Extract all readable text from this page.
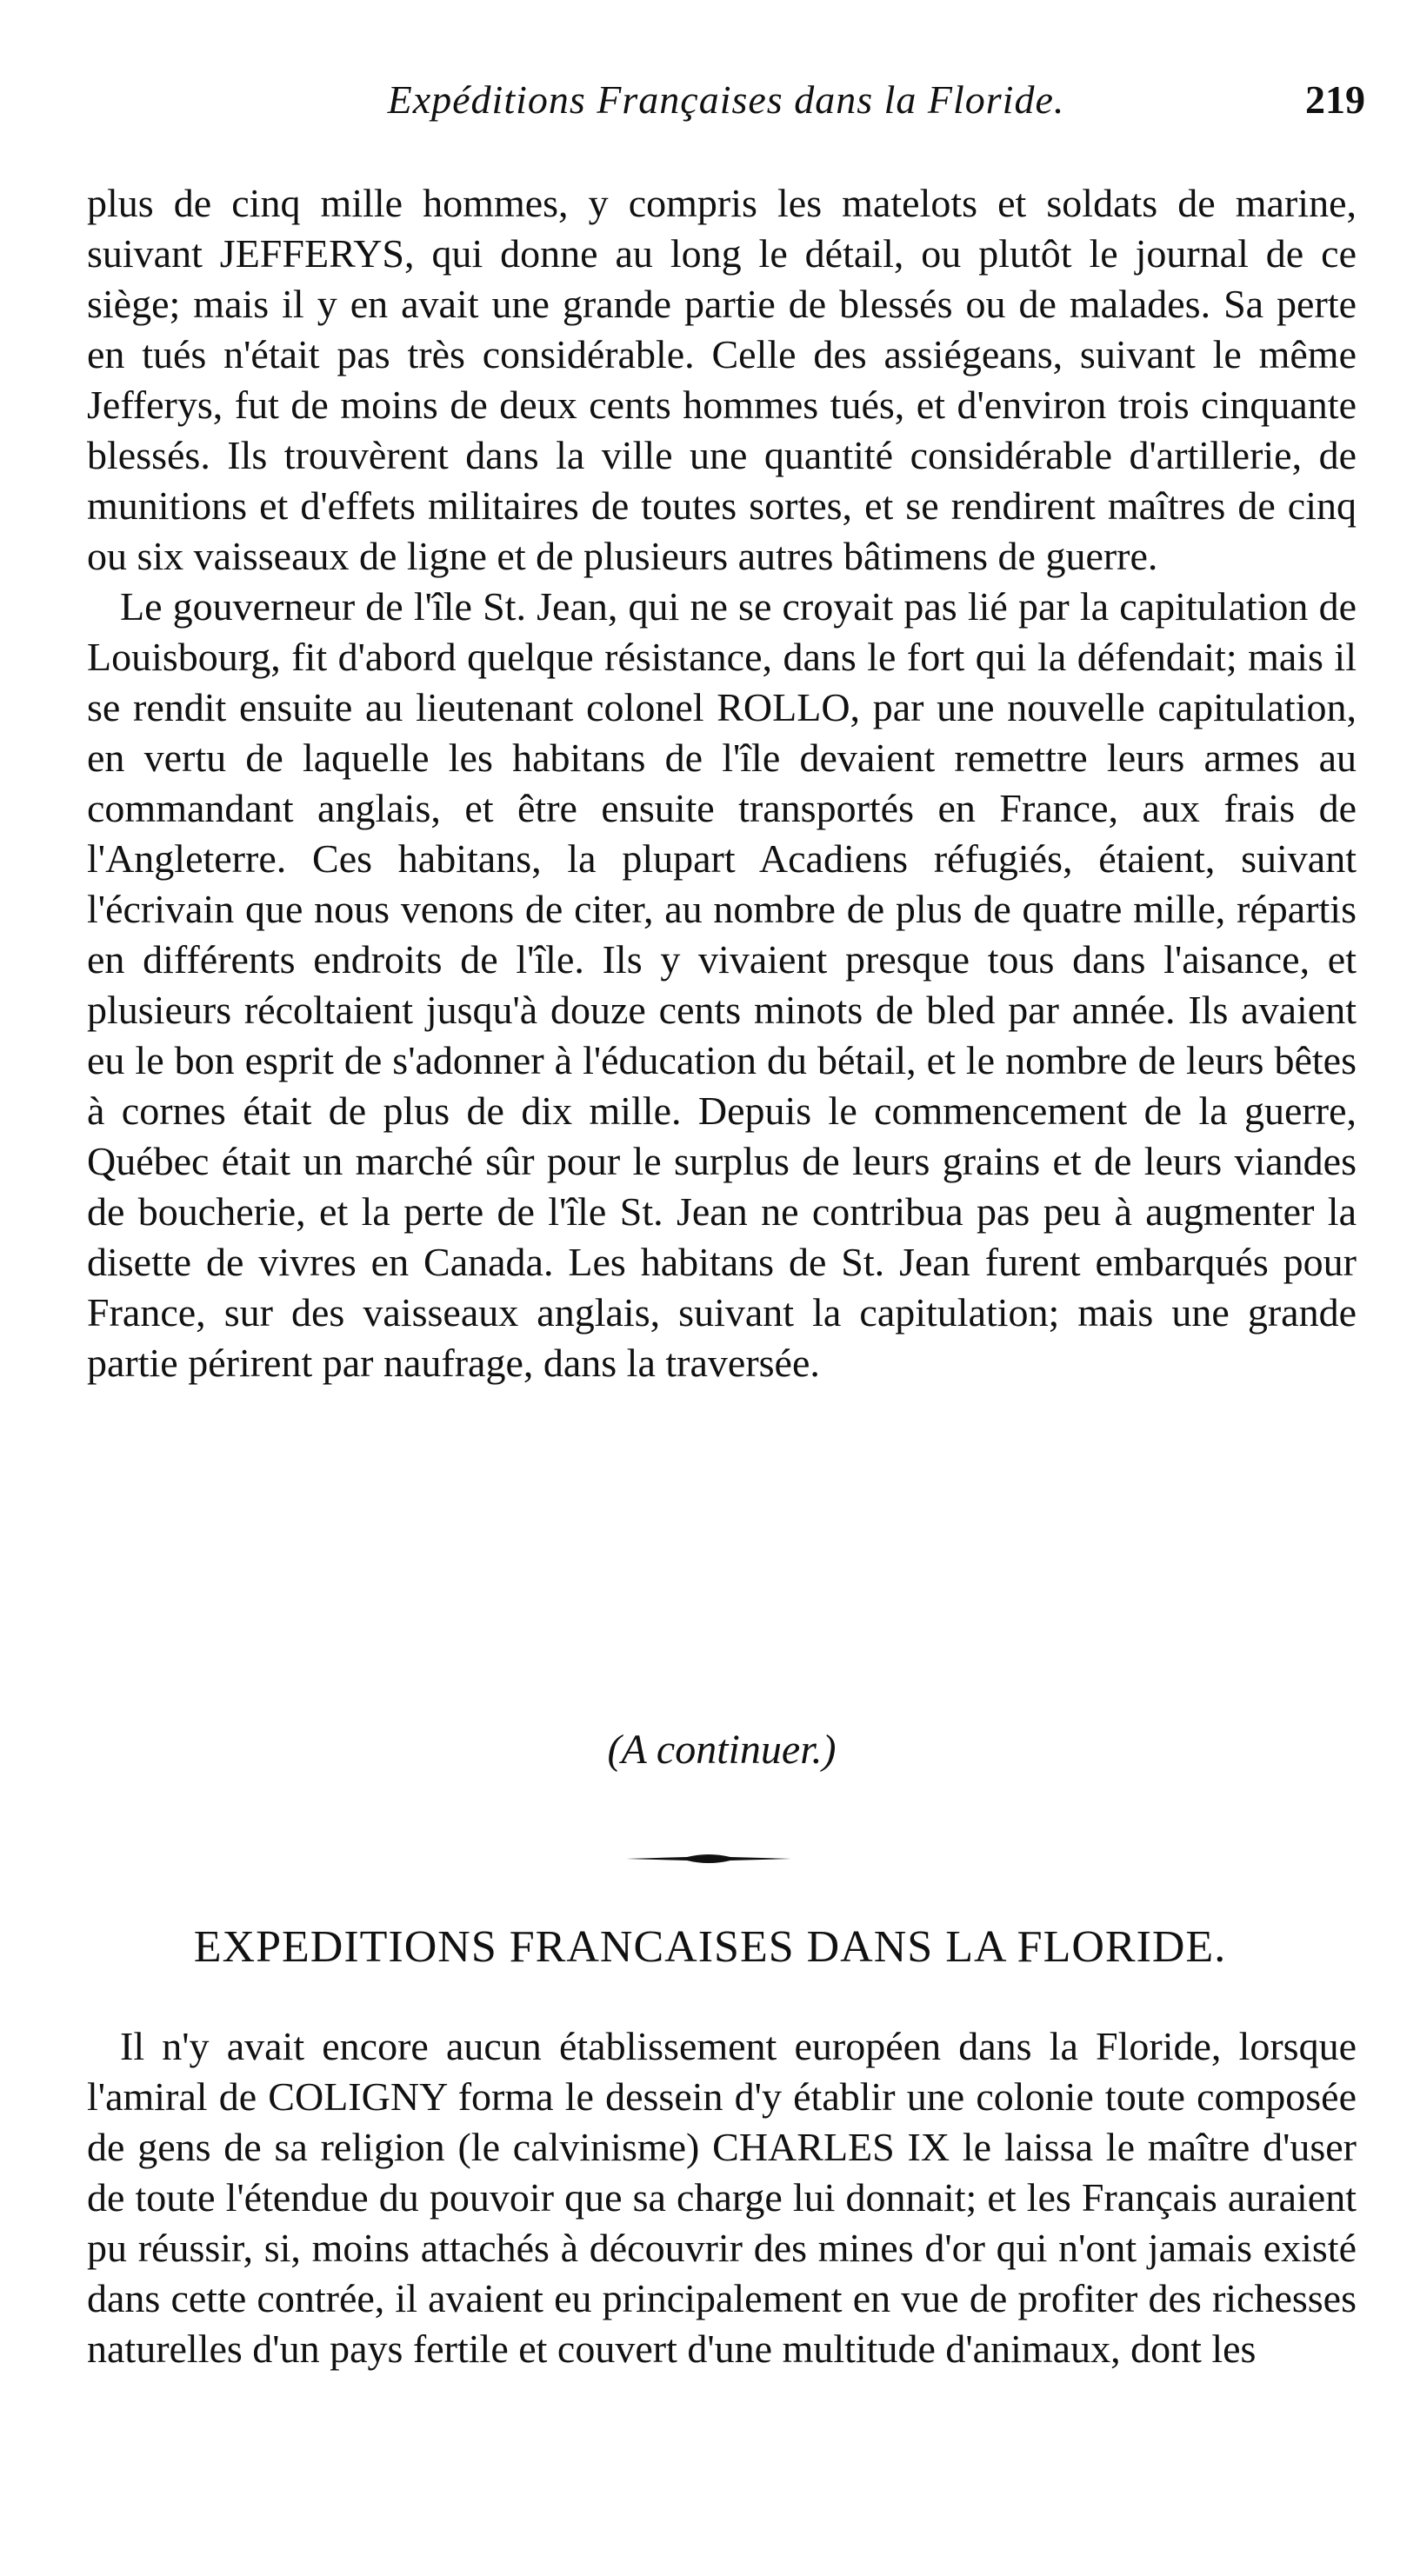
Expéditions Françaises dans la Floride.	219

plus de cinq mille hommes, y compris les matelots et soldats de marine, suivant JEFFERYS, qui donne au long le détail, ou plutôt le journal de ce siège; mais il y en avait une grande partie de blessés ou de malades. Sa perte en tués n'était pas très considérable. Celle des assiégeans, suivant le même Jefferys, fut de moins de deux cents hommes tués, et d'environ trois cinquante blessés. Ils trouvèrent dans la ville une quantité considérable d'artillerie, de munitions et d'effets militaires de toutes sortes, et se rendirent maîtres de cinq ou six vaisseaux de ligne et de plusieurs autres bâtimens de guerre.

Le gouverneur de l'île St. Jean, qui ne se croyait pas lié par la capitulation de Louisbourg, fit d'abord quelque résistance, dans le fort qui la défendait; mais il se rendit ensuite au lieutenant colonel ROLLO, par une nouvelle capitulation, en vertu de laquelle les habitans de l'île devaient remettre leurs armes au commandant anglais, et être ensuite transportés en France, aux frais de l'Angleterre. Ces habitans, la plupart Acadiens réfugiés, étaient, suivant l'écrivain que nous venons de citer, au nombre de plus de quatre mille, répartis en différents endroits de l'île. Ils y vivaient presque tous dans l'aisance, et plusieurs récoltaient jusqu'à douze cents minots de bled par année. Ils avaient eu le bon esprit de s'adonner à l'éducation du bétail, et le nombre de leurs bêtes à cornes était de plus de dix mille. Depuis le commencement de la guerre, Québec était un marché sûr pour le surplus de leurs grains et de leurs viandes de boucherie, et la perte de l'île St. Jean ne contribua pas peu à augmenter la disette de vivres en Canada. Les habitans de St. Jean furent embarqués pour France, sur des vaisseaux anglais, suivant la capitulation; mais une grande partie périrent par naufrage, dans la traversée.

(A continuer.)
EXPEDITIONS FRANCAISES DANS LA FLORIDE.

Il n'y avait encore aucun établissement européen dans la Floride, lorsque l'amiral de COLIGNY forma le dessein d'y établir une colonie toute composée de gens de sa religion (le calvinisme) CHARLES IX le laissa le maître d'user de toute l'étendue du pouvoir que sa charge lui donnait; et les Français auraient pu réussir, si, moins attachés à découvrir des mines d'or qui n'ont jamais existé dans cette contrée, il avaient eu principalement en vue de profiter des richesses naturelles d'un pays fertile et couvert d'une multitude d'animaux, dont les
